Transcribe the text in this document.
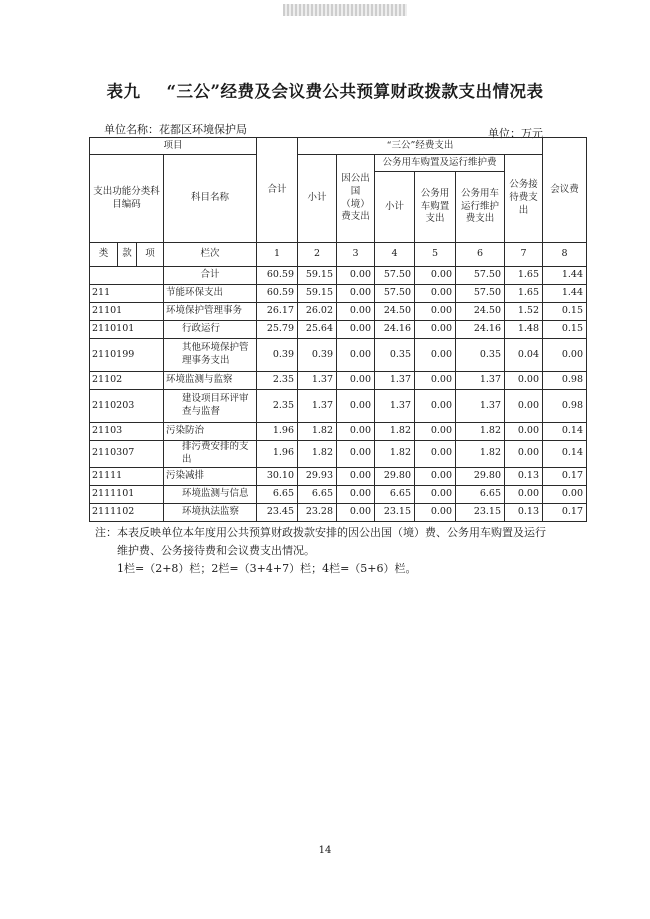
表九 “三公”经费及会议费公共预算财政拨款支出情况表
单位名称：花都区环境保护局	单位：万元
项目				合计	“三公”经费支出						会议费
支出功能分类科目编码			科目名称		小计	因公出国（境）费支出	公务用车购置及运行维护费			公务接待费支出	
							小计	公务用车购置支出	公务用车运行维护费支出		
类	款	项	栏次	1	2	3	4	5	6	7	8
			合计	60.59	59.15	0.00	57.50	0.00	57.50	1.65	1.44
211			节能环保支出	60.59	59.15	0.00	57.50	0.00	57.50	1.65	1.44
21101			环境保护管理事务	26.17	26.02	0.00	24.50	0.00	24.50	1.52	0.15
2110101			行政运行	25.79	25.64	0.00	24.16	0.00	24.16	1.48	0.15
2110199			其他环境保护管理事务支出	0.39	0.39	0.00	0.35	0.00	0.35	0.04	0.00
21102			环境监测与监察	2.35	1.37	0.00	1.37	0.00	1.37	0.00	0.98
2110203			建设项目环评审查与监督	2.35	1.37	0.00	1.37	0.00	1.37	0.00	0.98
21103			污染防治	1.96	1.82	0.00	1.82	0.00	1.82	0.00	0.14
2110307			排污费安排的支出	1.96	1.82	0.00	1.82	0.00	1.82	0.00	0.14
21111			污染减排	30.10	29.93	0.00	29.80	0.00	29.80	0.13	0.17
2111101			环境监测与信息	6.65	6.65	0.00	6.65	0.00	6.65	0.00	0.00
2111102			环境执法监察	23.45	23.28	0.00	23.15	0.00	23.15	0.13	0.17
注：本表反映单位本年度用公共预算财政拨款安排的因公出国（境）费、公务用车购置及运行
维护费、公务接待费和会议费支出情况。
1栏=（2+8）栏；2栏=（3+4+7）栏；4栏=（5+6）栏。
14
